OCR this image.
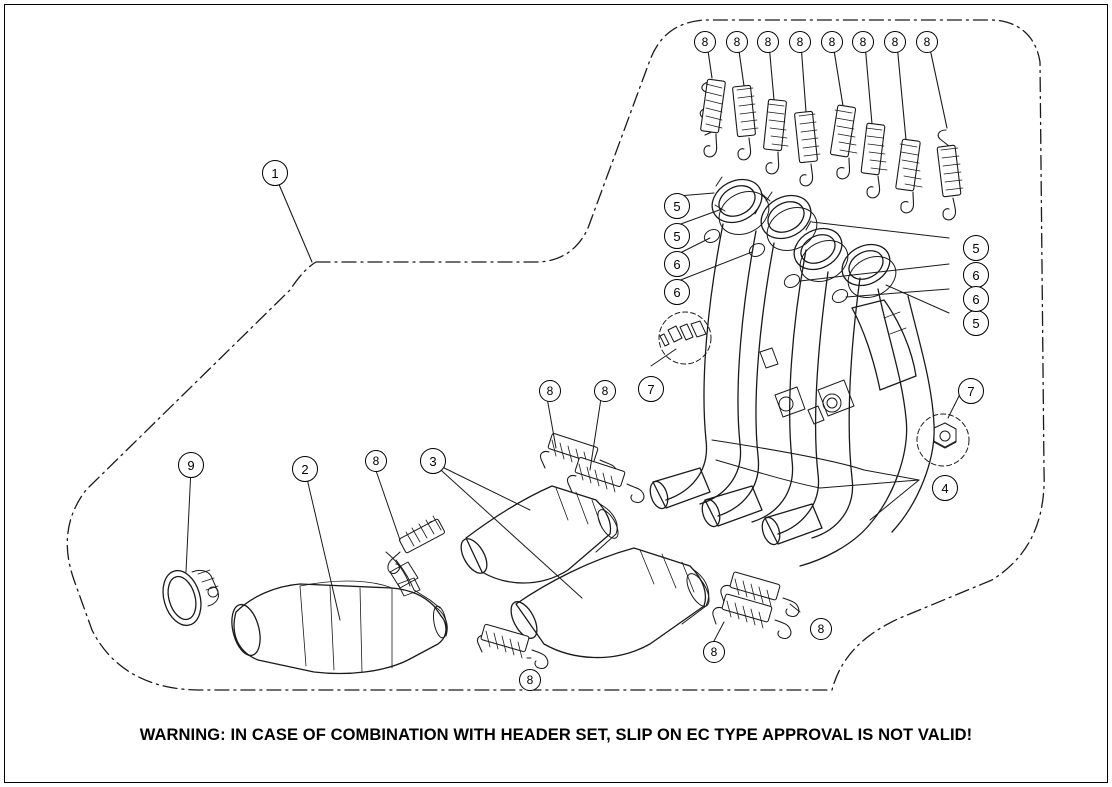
1
2
3
4
5
5
5
5
6
6
6
6
7	7
9
8 8 8 8 8 8 8 8
8	8
8
8
8
8
WARNING: IN CASE OF COMBINATION WITH HEADER SET, SLIP ON EC TYPE APPROVAL IS NOT VALID!
